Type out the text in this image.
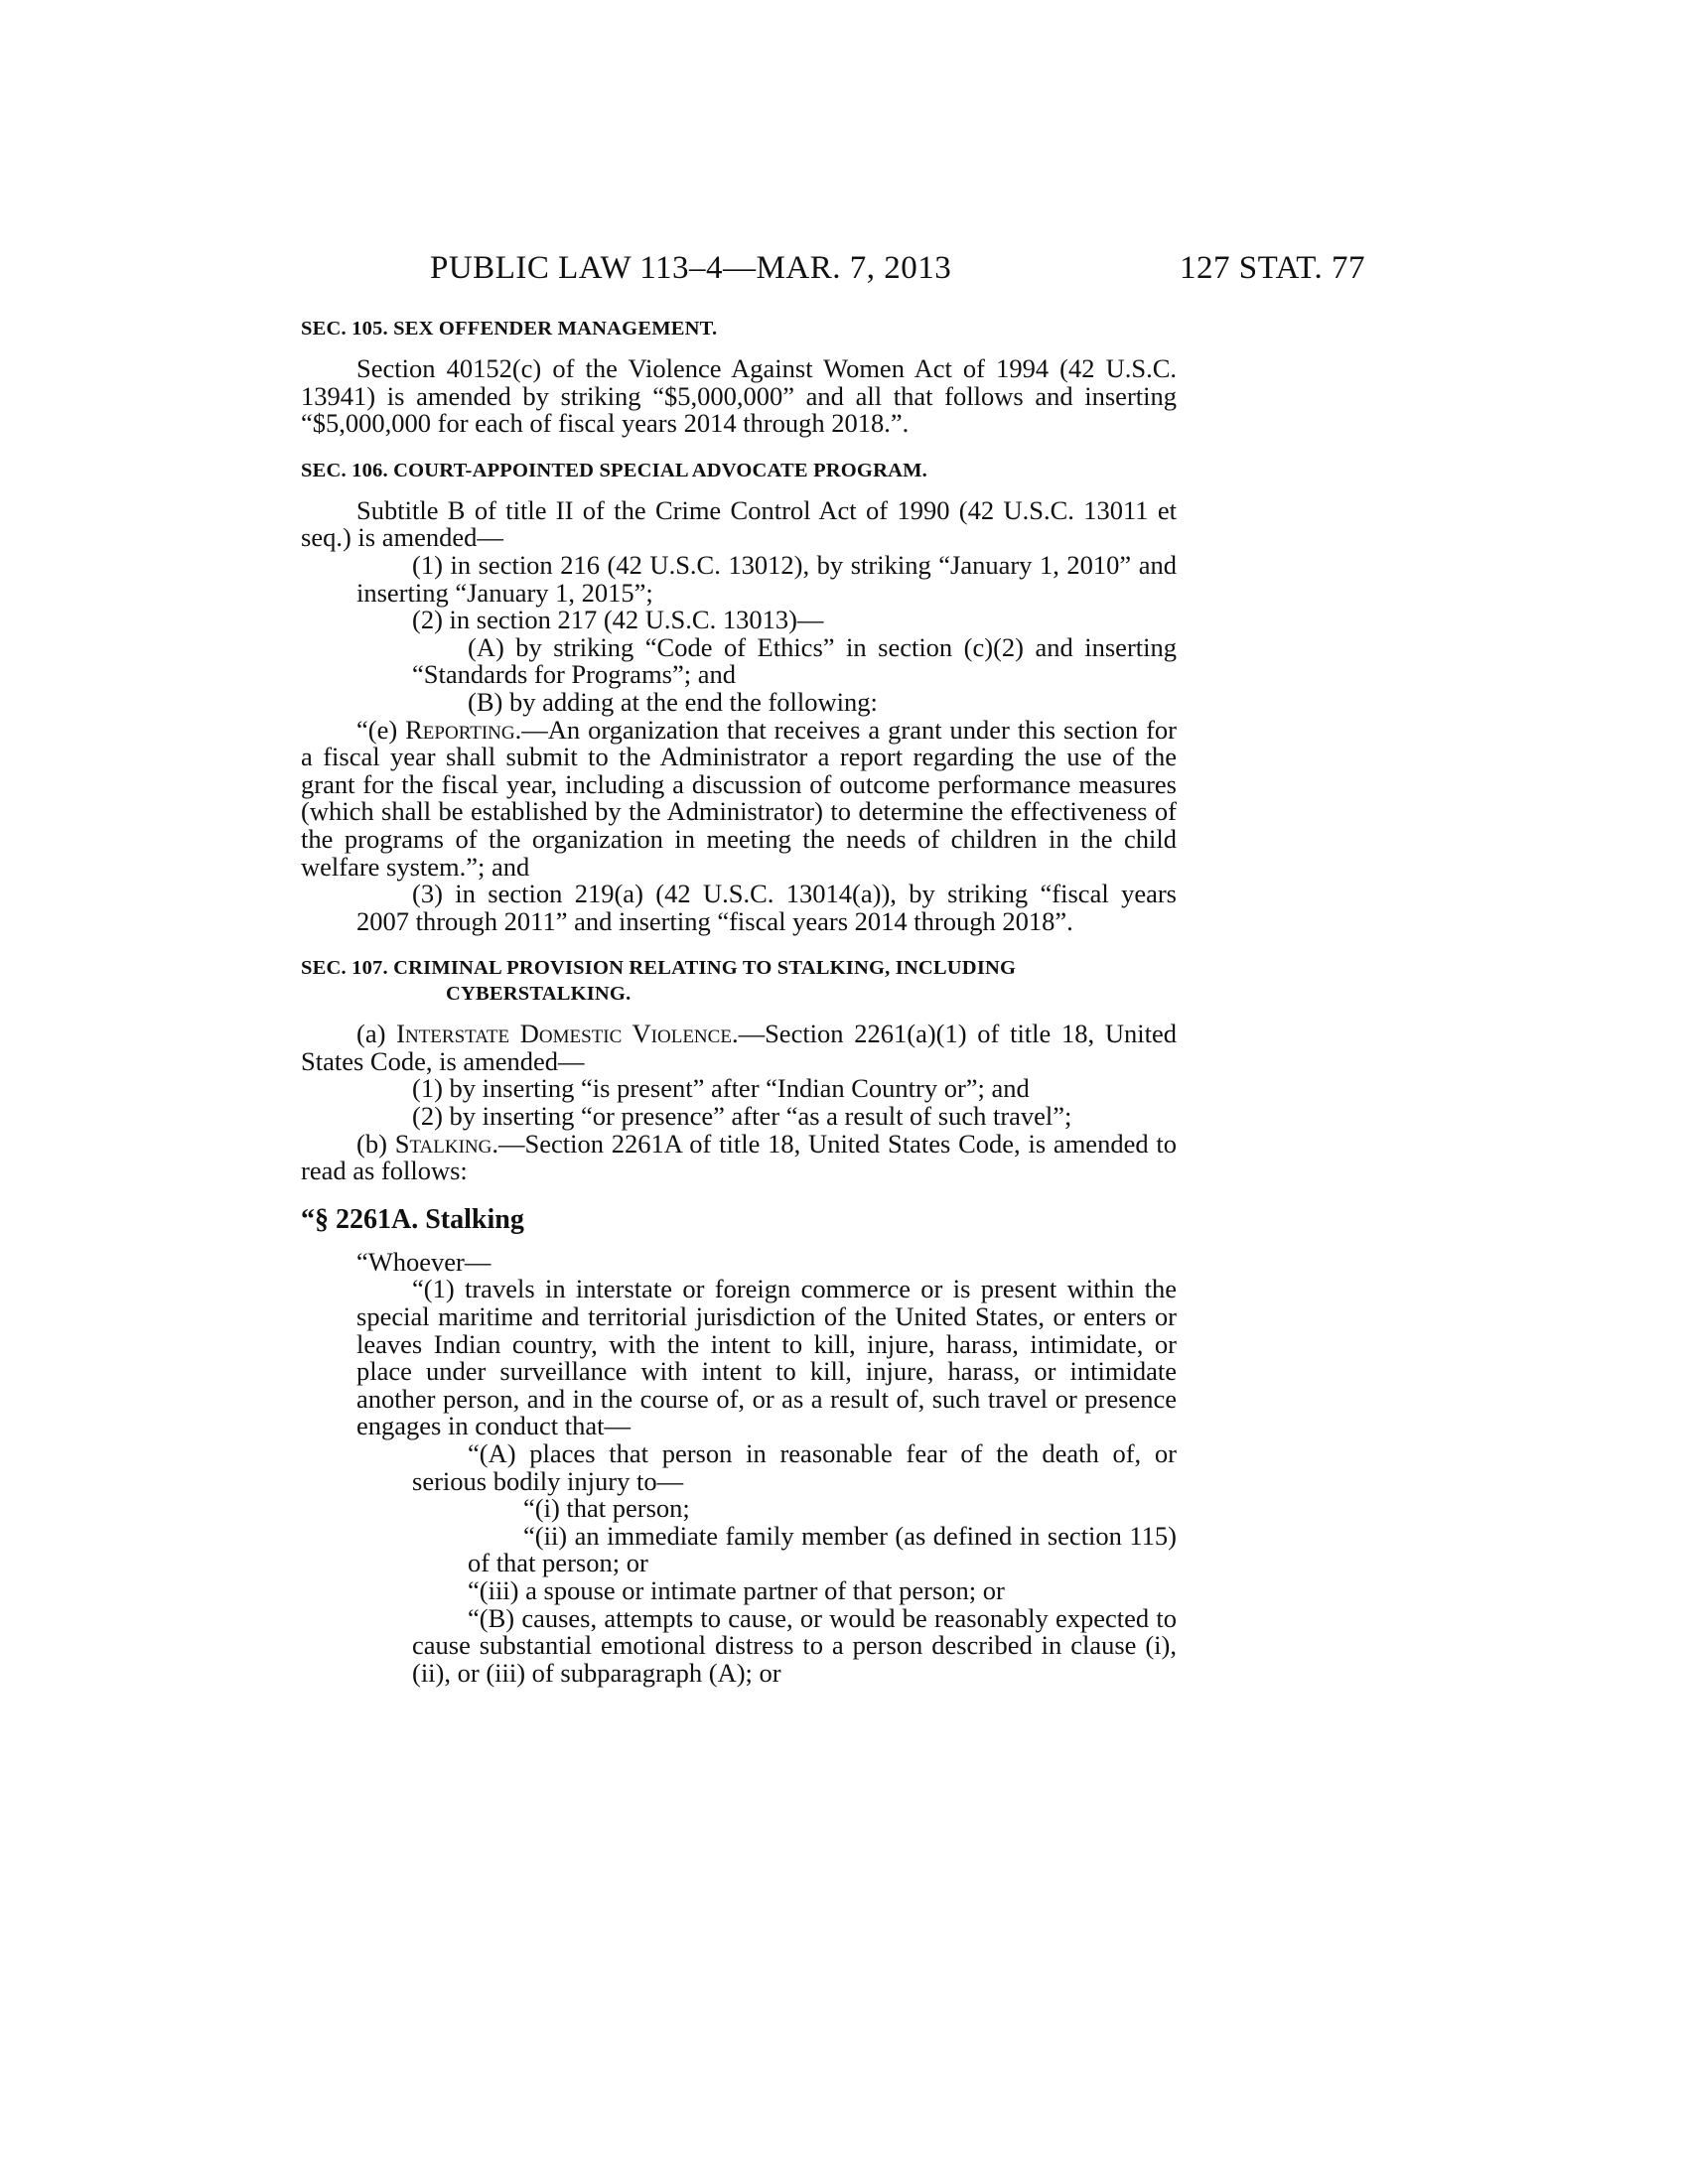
PUBLIC LAW 113–4—MAR. 7, 2013	127 STAT. 77

SEC. 105. SEX OFFENDER MANAGEMENT.

Section 40152(c) of the Violence Against Women Act of 1994 (42 U.S.C. 13941) is amended by striking “$5,000,000” and all that follows and inserting “$5,000,000 for each of fiscal years 2014 through 2018.”.

SEC. 106. COURT-APPOINTED SPECIAL ADVOCATE PROGRAM.

Subtitle B of title II of the Crime Control Act of 1990 (42 U.S.C. 13011 et seq.) is amended—

(1) in section 216 (42 U.S.C. 13012), by striking “January 1, 2010” and inserting “January 1, 2015”;

(2) in section 217 (42 U.S.C. 13013)—

(A) by striking “Code of Ethics” in section (c)(2) and inserting “Standards for Programs”; and

(B) by adding at the end the following:

“(e) Reporting.—An organization that receives a grant under this section for a fiscal year shall submit to the Administrator a report regarding the use of the grant for the fiscal year, including a discussion of outcome performance measures (which shall be established by the Administrator) to determine the effectiveness of the programs of the organization in meeting the needs of children in the child welfare system.”; and

(3) in section 219(a) (42 U.S.C. 13014(a)), by striking “fiscal years 2007 through 2011” and inserting “fiscal years 2014 through 2018”.

SEC. 107. CRIMINAL PROVISION RELATING TO STALKING, INCLUDING
CYBERSTALKING.

(a) Interstate Domestic Violence.—Section 2261(a)(1) of title 18, United States Code, is amended—

(1) by inserting “is present” after “Indian Country or”; and

(2) by inserting “or presence” after “as a result of such travel”;

(b) Stalking.—Section 2261A of title 18, United States Code, is amended to read as follows:

“§ 2261A. Stalking

“Whoever—

“(1) travels in interstate or foreign commerce or is present within the special maritime and territorial jurisdiction of the United States, or enters or leaves Indian country, with the intent to kill, injure, harass, intimidate, or place under surveillance with intent to kill, injure, harass, or intimidate another person, and in the course of, or as a result of, such travel or presence engages in conduct that—

“(A) places that person in reasonable fear of the death of, or serious bodily injury to—

“(i) that person;

“(ii) an immediate family member (as defined in section 115) of that person; or

“(iii) a spouse or intimate partner of that person; or

“(B) causes, attempts to cause, or would be reasonably expected to cause substantial emotional distress to a person described in clause (i), (ii), or (iii) of subparagraph (A); or
